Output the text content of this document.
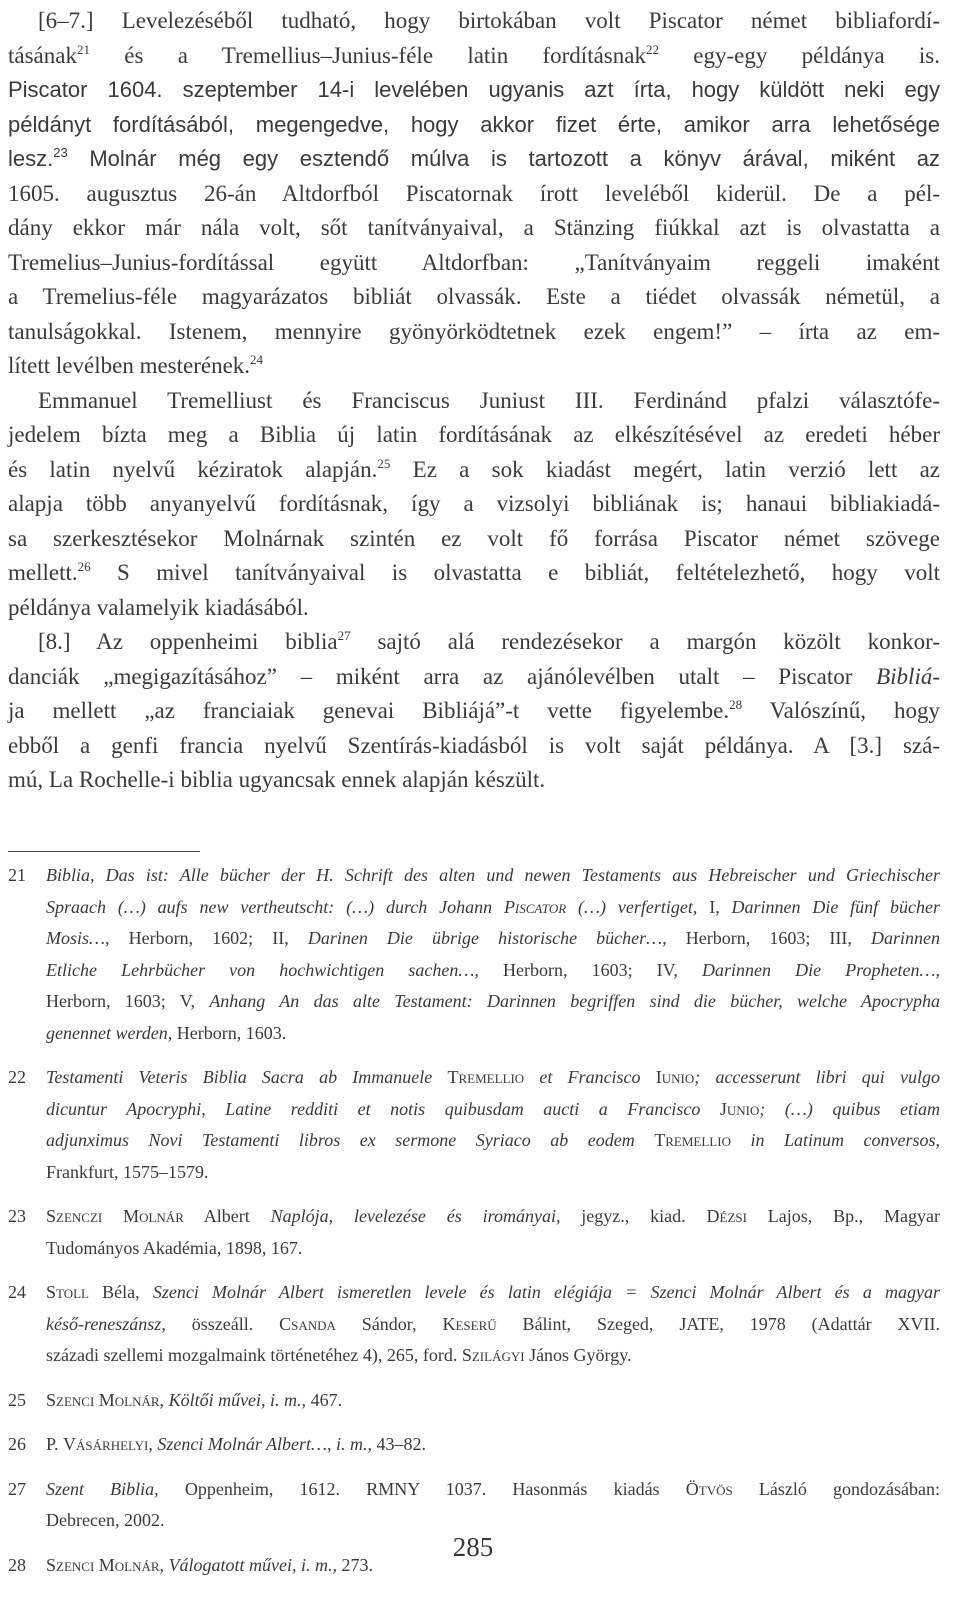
[6–7.] Levelezéséből tudható, hogy birtokában volt Piscator német bibliafordí-
tásának$^{21}$ és a Tremellius–Junius-féle latin fordításnak$^{22}$ egy-egy példánya is.
Piscator 1604. szeptember 14-i levelében ugyanis azt írta, hogy küldött neki egy
példányt fordításából, megengedve, hogy akkor fizet érte, amikor arra lehetősége
lesz.$^{23}$ Molnár még egy esztendő múlva is tartozott a könyv árával, miként az
1605. augusztus 26-án Altdorfból Piscatornak írott leveléből kiderül. De a pél-
dány ekkor már nála volt, sőt tanítványaival, a Stänzing fiúkkal azt is olvastatta a
Tremelius–Junius-fordítással együtt Altdorfban: „Tanítványaim reggeli imaként
a Tremelius-féle magyarázatos bibliát olvassák. Este a tiédet olvassák németül, a
tanulságokkal. Istenem, mennyire gyönyörködtetnek ezek engem!” – írta az em-
lített levélben mesterének.$^{24}$
Emmanuel Tremelliust és Franciscus Juniust III. Ferdinánd pfalzi választófe-
jedelem bízta meg a Biblia új latin fordításának az elkészítésével az eredeti héber
és latin nyelvű kéziratok alapján.$^{25}$ Ez a sok kiadást megért, latin verzió lett az
alapja több anyanyelvű fordításnak, így a vizsolyi bibliának is; hanaui bibliakiadá-
sa szerkesztésekor Molnárnak szintén ez volt fő forrása Piscator német szövege
mellett.$^{26}$ S mivel tanítványaival is olvastatta e bibliát, feltételezhető, hogy volt
példánya valamelyik kiadásából.
[8.] Az oppenheimi biblia$^{27}$ sajtó alá rendezésekor a margón közölt konkor-
danciák „megigazításához” – miként arra az ajánólevélben utalt – Piscator Bibliá-
ja mellett „az franciaiak genevai Bibliájá”-t vette figyelembe.$^{28}$ Valószínű, hogy
ebből a genfi francia nyelvű Szentírás-kiadásból is volt saját példánya. A [3.] szá-
mú, La Rochelle-i biblia ugyancsak ennek alapján készült.
21 Biblia, Das ist: Alle bücher der H. Schrift des alten und newen Testaments aus Hebreischer und Griechischer
Spraach (…) aufs new vertheutscht: (…) durch Johann Piscator (…) verfertiget, I, Darinnen Die fünf bücher
Mosis…, Herborn, 1602; II, Darinen Die übrige historische bücher…, Herborn, 1603; III, Darinnen
Etliche Lehrbücher von hochwichtigen sachen…, Herborn, 1603; IV, Darinnen Die Propheten…,
Herborn, 1603; V, Anhang An das alte Testament: Darinnen begriffen sind die bücher, welche Apocrypha
genennet werden, Herborn, 1603.
22 Testamenti Veteris Biblia Sacra ab Immanuele Tremellio et Francisco Iunio; accesserunt libri qui vulgo
dicuntur Apocryphi, Latine redditi et notis quibusdam aucti a Francisco Junio; (…) quibus etiam
adjunximus Novi Testamenti libros ex sermone Syriaco ab eodem Tremellio in Latinum conversos,
Frankfurt, 1575–1579.
23 Szenczi Molnár Albert Naplója, levelezése és irományai, jegyz., kiad. Dézsi Lajos, Bp., Magyar
Tudományos Akadémia, 1898, 167.
24 Stoll Béla, Szenci Molnár Albert ismeretlen levele és latin elégiája = Szenci Molnár Albert és a magyar
késő-reneszánsz, összeáll. Csanda Sándor, Keserű Bálint, Szeged, JATE, 1978 (Adattár XVII.
századi szellemi mozgalmaink történetéhez 4), 265, ford. Szilágyi János György.
25 Szenci Molnár, Költői művei, i. m., 467.
26 P. Vásárhelyi, Szenci Molnár Albert…, i. m., 43–82.
27 Szent Biblia, Oppenheim, 1612. RMNY 1037. Hasonmás kiadás Ötvös László gondozásában:
Debrecen, 2002.
28 Szenci Molnár, Válogatott művei, i. m., 273.
285
